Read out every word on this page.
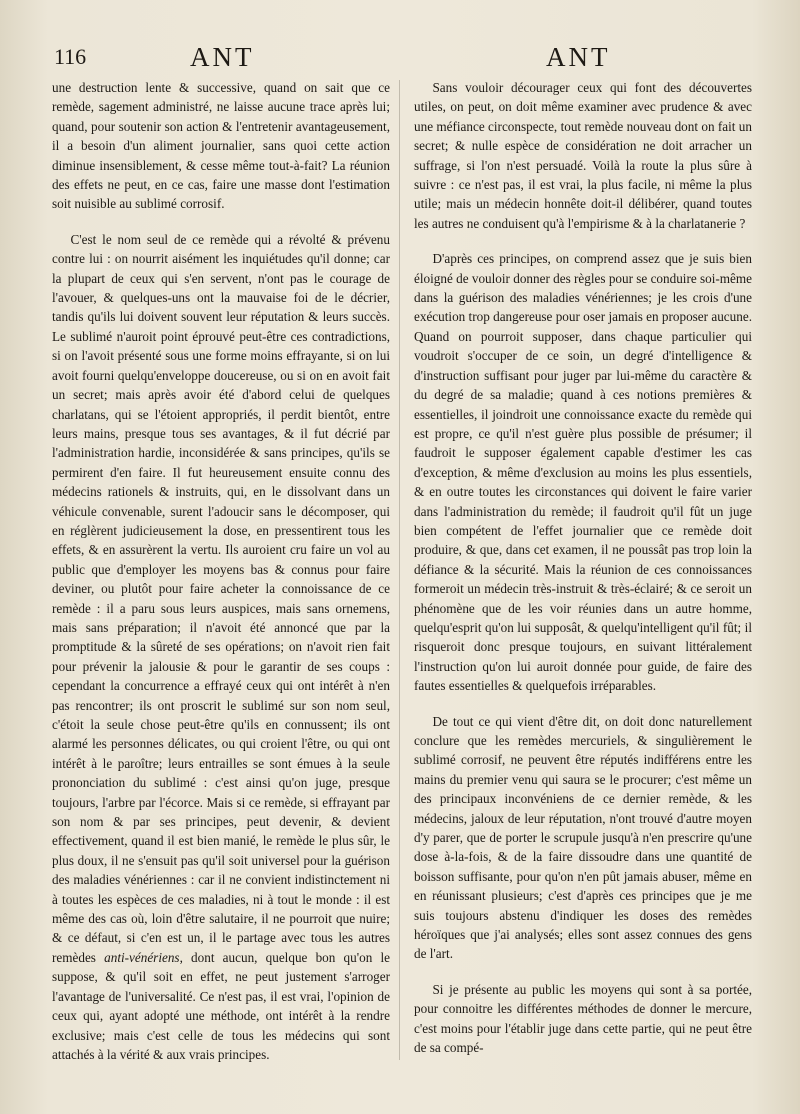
116	ANT	ANT

une destruction lente & successive, quand on sait que ce remède, sagement administré, ne laisse aucune trace après lui; quand, pour soutenir son action & l'entretenir avantageusement, il a besoin d'un aliment journalier, sans quoi cette action diminue insensiblement, & cesse même tout-à-fait? La réunion des effets ne peut, en ce cas, faire une masse dont l'estimation soit nuisible au sublimé corrosif.

C'est le nom seul de ce remède qui a révolté & prévenu contre lui : on nourrit aisément les inquiétudes qu'il donne; car la plupart de ceux qui s'en servent, n'ont pas le courage de l'avouer, & quelques-uns ont la mauvaise foi de le décrier, tandis qu'ils lui doivent souvent leur réputation & leurs succès. Le sublimé n'auroit point éprouvé peut-être ces contradictions, si on l'avoit présenté sous une forme moins effrayante, si on lui avoit fourni quelqu'enveloppe doucereuse, ou si on en avoit fait un secret; mais après avoir été d'abord celui de quelques charlatans, qui se l'étoient appropriés, il perdit bientôt, entre leurs mains, presque tous ses avantages, & il fut décrié par l'administration hardie, inconsidérée & sans principes, qu'ils se permirent d'en faire. Il fut heureusement ensuite connu des médecins rationels & instruits, qui, en le dissolvant dans un véhicule convenable, surent l'adoucir sans le décomposer, qui en réglèrent judicieusement la dose, en pressentirent tous les effets, & en assurèrent la vertu. Ils auroient cru faire un vol au public que d'employer les moyens bas & connus pour faire deviner, ou plutôt pour faire acheter la connoissance de ce remède : il a paru sous leurs auspices, mais sans ornemens, mais sans préparation; il n'avoit été annoncé que par la promptitude & la sûreté de ses opérations; on n'avoit rien fait pour prévenir la jalousie & pour le garantir de ses coups : cependant la concurrence a effrayé ceux qui ont intérêt à n'en pas rencontrer; ils ont proscrit le sublimé sur son nom seul, c'étoit la seule chose peut-être qu'ils en connussent; ils ont alarmé les personnes délicates, ou qui croient l'être, ou qui ont intérêt à le paroître; leurs entrailles se sont émues à la seule prononciation du sublimé : c'est ainsi qu'on juge, presque toujours, l'arbre par l'écorce. Mais si ce remède, si effrayant par son nom & par ses principes, peut devenir, & devient effectivement, quand il est bien manié, le remède le plus sûr, le plus doux, il ne s'ensuit pas qu'il soit universel pour la guérison des maladies vénériennes : car il ne convient indistinctement ni à toutes les espèces de ces maladies, ni à tout le monde : il est même des cas où, loin d'être salutaire, il ne pourroit que nuire; & ce défaut, si c'en est un, il le partage avec tous les autres remèdes anti-vénériens, dont aucun, quelque bon qu'on le suppose, & qu'il soit en effet, ne peut justement s'arroger l'avantage de l'universalité. Ce n'est pas, il est vrai, l'opinion de ceux qui, ayant adopté une méthode, ont intérêt à la rendre exclusive; mais c'est celle de tous les médecins qui sont attachés à la vérité & aux vrais principes.

Sans vouloir décourager ceux qui font des découvertes utiles, on peut, on doit même examiner avec prudence & avec une méfiance circonspecte, tout remède nouveau dont on fait un secret; & nulle espèce de considération ne doit arracher un suffrage, si l'on n'est persuadé. Voilà la route la plus sûre à suivre : ce n'est pas, il est vrai, la plus facile, ni même la plus utile; mais un médecin honnête doit-il délibérer, quand toutes les autres ne conduisent qu'à l'empirisme & à la charlatanerie ?

D'après ces principes, on comprend assez que je suis bien éloigné de vouloir donner des règles pour se conduire soi-même dans la guérison des maladies vénériennes; je les crois d'une exécution trop dangereuse pour oser jamais en proposer aucune. Quand on pourroit supposer, dans chaque particulier qui voudroit s'occuper de ce soin, un degré d'intelligence & d'instruction suffisant pour juger par lui-même du caractère & du degré de sa maladie; quand à ces notions premières & essentielles, il joindroit une connoissance exacte du remède qui est propre, ce qu'il n'est guère plus possible de présumer; il faudroit le supposer également capable d'estimer les cas d'exception, & même d'exclusion au moins les plus essentiels, & en outre toutes les circonstances qui doivent le faire varier dans l'administration du remède; il faudroit qu'il fût un juge bien compétent de l'effet journalier que ce remède doit produire, & que, dans cet examen, il ne poussât pas trop loin la défiance & la sécurité. Mais la réunion de ces connoissances formeroit un médecin très-instruit & très-éclairé; & ce seroit un phénomène que de les voir réunies dans un autre homme, quelqu'esprit qu'on lui supposât, & quelqu'intelligent qu'il fût; il risqueroit donc presque toujours, en suivant littéralement l'instruction qu'on lui auroit donnée pour guide, de faire des fautes essentielles & quelquefois irréparables.

De tout ce qui vient d'être dit, on doit donc naturellement conclure que les remèdes mercuriels, & singulièrement le sublimé corrosif, ne peuvent être réputés indifférens entre les mains du premier venu qui saura se le procurer; c'est même un des principaux inconvéniens de ce dernier remède, & les médecins, jaloux de leur réputation, n'ont trouvé d'autre moyen d'y parer, que de porter le scrupule jusqu'à n'en prescrire qu'une dose à-la-fois, & de la faire dissoudre dans une quantité de boisson suffisante, pour qu'on n'en pût jamais abuser, même en en réunissant plusieurs; c'est d'après ces principes que je me suis toujours abstenu d'indiquer les doses des remèdes héroïques que j'ai analysés; elles sont assez connues des gens de l'art.

Si je présente au public les moyens qui sont à sa portée, pour connoitre les différentes méthodes de donner le mercure, c'est moins pour l'établir juge dans cette partie, qui ne peut être de sa compé-
